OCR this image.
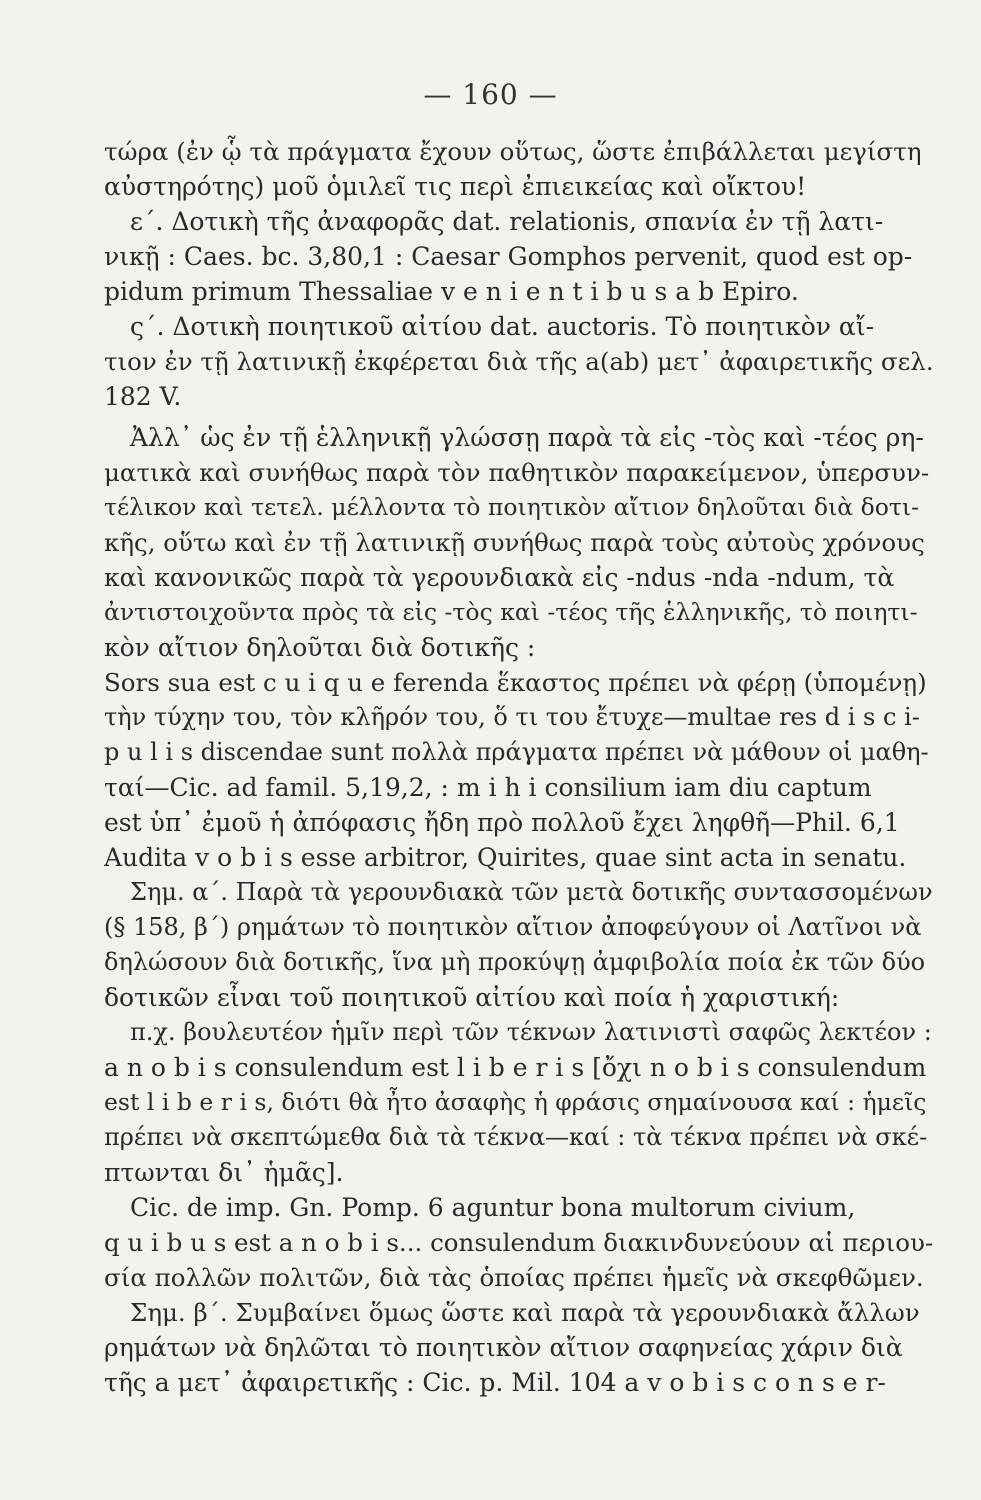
— 160 —
τώρα (ἐν ᾧ τὰ πράγματα ἔχουν οὕτως, ὥστε ἐπιβάλλεται μεγίστη
αὐστηρότης) μοῦ ὁμιλεῖ τις περὶ ἐπιεικείας καὶ οἴκτου!
ε΄. Δοτικὴ τῆς ἀναφορᾶς dat. relationis, σπανία ἐν τῇ λατι-
νικῇ : Caes. bc. 3,80,1 : Caesar Gomphos pervenit, quod est op-
pidum primum Thessaliae v e n i e n t i b u s a b Epiro.
ς΄. Δοτικὴ ποιητικοῦ αἰτίου dat. auctoris. Τὸ ποιητικὸν αἴ-
τιον ἐν τῇ λατινικῇ ἐκφέρεται διὰ τῆς a(ab) μετ᾽ ἀφαιρετικῆς σελ.
182 V.
Ἀλλ᾽ ὡς ἐν τῇ ἑλληνικῇ γλώσσῃ παρὰ τὰ εἰς -τὸς καὶ -τέος ρη-
ματικὰ καὶ συνήθως παρὰ τὸν παθητικὸν παρακείμενον, ὑπερσυν-
τέλικον καὶ τετελ. μέλλοντα τὸ ποιητικὸν αἴτιον δηλοῦται διὰ δοτι-
κῆς, οὕτω καὶ ἐν τῇ λατινικῇ συνήθως παρὰ τοὺς αὐτοὺς χρόνους
καὶ κανονικῶς παρὰ τὰ γερουνδιακὰ εἰς -ndus -nda -ndum, τὰ
ἀντιστοιχοῦντα πρὸς τὰ εἰς -τὸς καὶ -τέος τῆς ἑλληνικῆς, τὸ ποιητι-
κὸν αἴτιον δηλοῦται διὰ δοτικῆς :
Sors sua est c u i q u e ferenda ἕκαστος πρέπει νὰ φέρῃ (ὑπομένῃ)
τὴν τύχην του, τὸν κλῆρόν του, ὅ τι του ἔτυχε—multae res d i s c i-
p u l i s discendae sunt πολλὰ πράγματα πρέπει νὰ μάθουν οἱ μαθη-
ταί—Cic. ad famil. 5,19,2, : m i h i consilium iam diu captum
est ὑπ᾽ ἐμοῦ ἡ ἀπόφασις ἤδη πρὸ πολλοῦ ἔχει ληφθῆ—Phil. 6,1
Audita v o b i s esse arbitror, Quirites, quae sint acta in senatu.
Σημ. α΄. Παρὰ τὰ γερουνδιακὰ τῶν μετὰ δοτικῆς συντασσομένων
(§ 158, β΄) ρημάτων τὸ ποιητικὸν αἴτιον ἀποφεύγουν οἱ Λατῖνοι νὰ
δηλώσουν διὰ δοτικῆς, ἵνα μὴ προκύψῃ ἀμφιβολία ποία ἐκ τῶν δύο
δοτικῶν εἶναι τοῦ ποιητικοῦ αἰτίου καὶ ποία ἡ χαριστική:
π.χ. βουλευτέον ἡμῖν περὶ τῶν τέκνων λατινιστὶ σαφῶς λεκτέον :
a n o b i s consulendum est l i b e r i s [ὄχι n o b i s consulendum
est l i b e r i s, διότι θὰ ἦτο ἀσαφὴς ἡ φράσις σημαίνουσα καί : ἡμεῖς
πρέπει νὰ σκεπτώμεθα διὰ τὰ τέκνα—καί : τὰ τέκνα πρέπει νὰ σκέ-
πτωνται δι᾽ ἡμᾶς].
Cic. de imp. Gn. Pomp. 6 aguntur bona multorum civium,
q u i b u s est a n o b i s... consulendum διακινδυνεύουν αἱ περιου-
σία πολλῶν πολιτῶν, διὰ τὰς ὁποίας πρέπει ἡμεῖς νὰ σκεφθῶμεν.
Σημ. β΄. Συμβαίνει ὅμως ὥστε καὶ παρὰ τὰ γερουνδιακὰ ἄλλων
ρημάτων νὰ δηλῶται τὸ ποιητικὸν αἴτιον σαφηνείας χάριν διὰ
τῆς a μετ᾽ ἀφαιρετικῆς : Cic. p. Mil. 104 a v o b i s c o n s e r-
